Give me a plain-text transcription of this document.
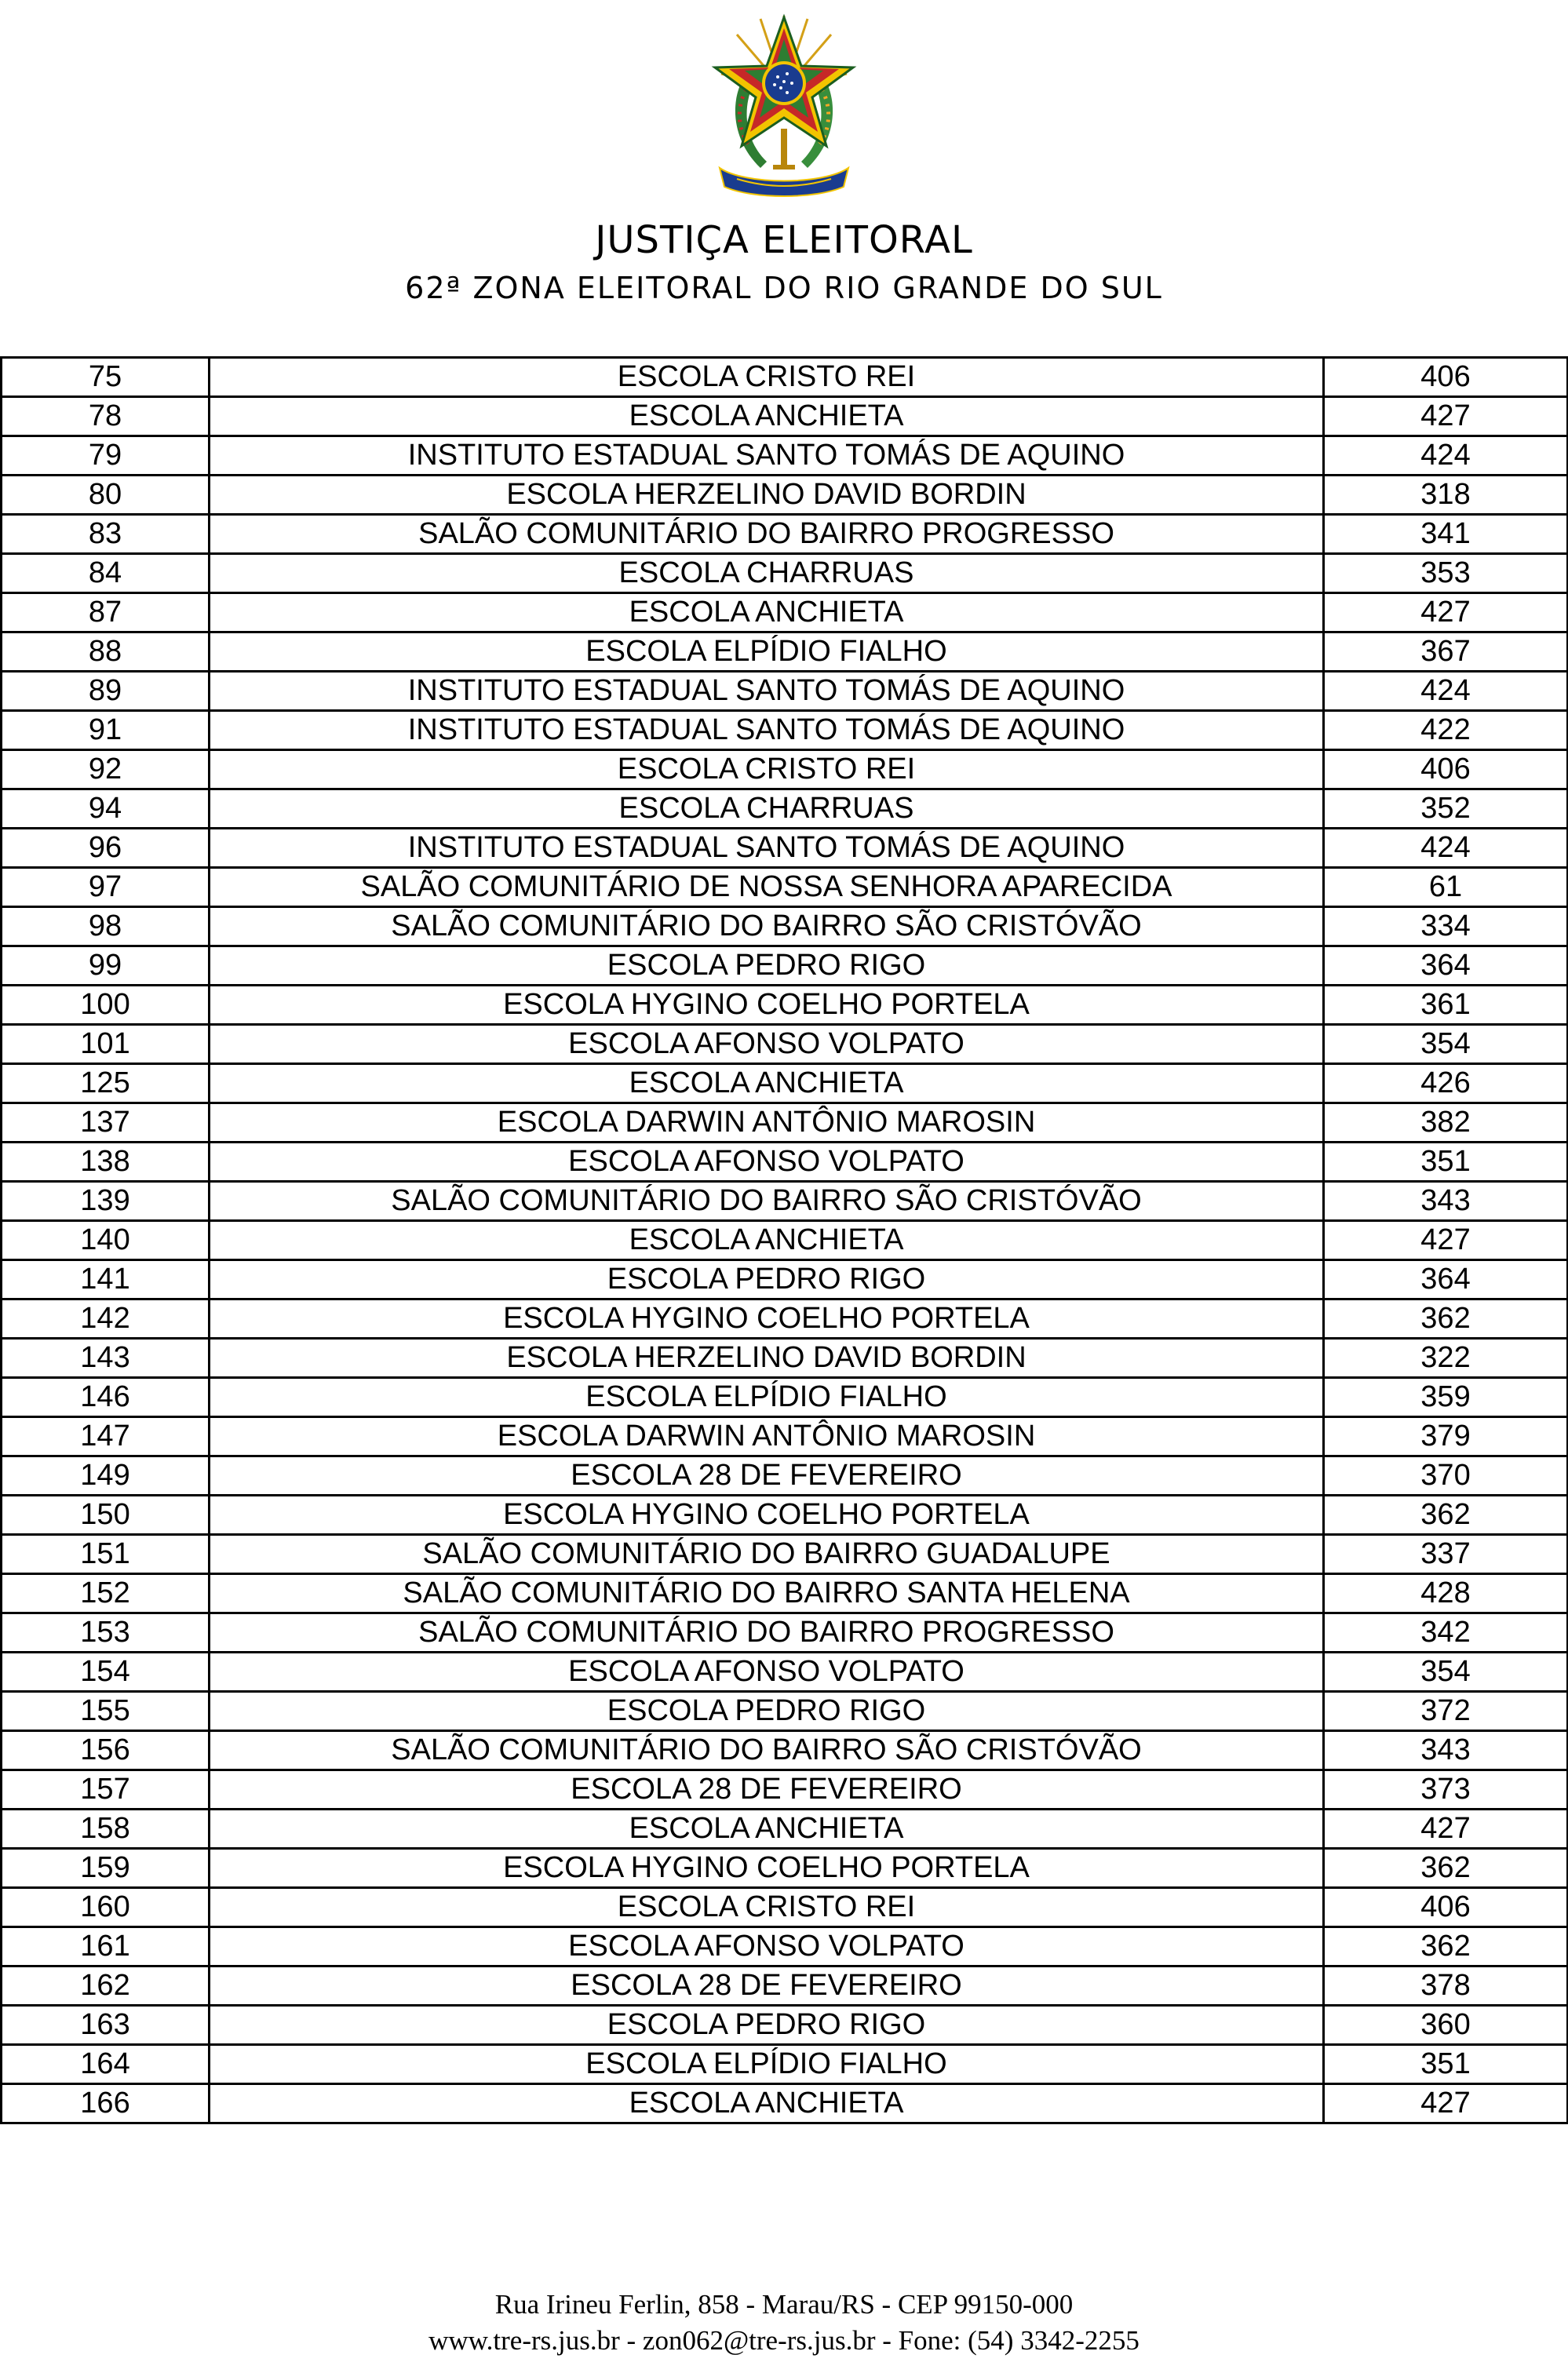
JUSTIÇA ELEITORAL
62ª ZONA ELEITORAL DO RIO GRANDE DO SUL
75	ESCOLA CRISTO REI	406
78	ESCOLA ANCHIETA	427
79	INSTITUTO ESTADUAL SANTO TOMÁS DE AQUINO	424
80	ESCOLA HERZELINO DAVID BORDIN	318
83	SALÃO COMUNITÁRIO DO BAIRRO PROGRESSO	341
84	ESCOLA CHARRUAS	353
87	ESCOLA ANCHIETA	427
88	ESCOLA ELPÍDIO FIALHO	367
89	INSTITUTO ESTADUAL SANTO TOMÁS DE AQUINO	424
91	INSTITUTO ESTADUAL SANTO TOMÁS DE AQUINO	422
92	ESCOLA CRISTO REI	406
94	ESCOLA CHARRUAS	352
96	INSTITUTO ESTADUAL SANTO TOMÁS DE AQUINO	424
97	SALÃO COMUNITÁRIO DE NOSSA SENHORA APARECIDA	61
98	SALÃO COMUNITÁRIO DO BAIRRO SÃO CRISTÓVÃO	334
99	ESCOLA PEDRO RIGO	364
100	ESCOLA HYGINO COELHO PORTELA	361
101	ESCOLA AFONSO VOLPATO	354
125	ESCOLA ANCHIETA	426
137	ESCOLA DARWIN ANTÔNIO MAROSIN	382
138	ESCOLA AFONSO VOLPATO	351
139	SALÃO COMUNITÁRIO DO BAIRRO SÃO CRISTÓVÃO	343
140	ESCOLA ANCHIETA	427
141	ESCOLA PEDRO RIGO	364
142	ESCOLA HYGINO COELHO PORTELA	362
143	ESCOLA HERZELINO DAVID BORDIN	322
146	ESCOLA ELPÍDIO FIALHO	359
147	ESCOLA DARWIN ANTÔNIO MAROSIN	379
149	ESCOLA 28 DE FEVEREIRO	370
150	ESCOLA HYGINO COELHO PORTELA	362
151	SALÃO COMUNITÁRIO DO BAIRRO GUADALUPE	337
152	SALÃO COMUNITÁRIO DO BAIRRO SANTA HELENA	428
153	SALÃO COMUNITÁRIO DO BAIRRO PROGRESSO	342
154	ESCOLA AFONSO VOLPATO	354
155	ESCOLA PEDRO RIGO	372
156	SALÃO COMUNITÁRIO DO BAIRRO SÃO CRISTÓVÃO	343
157	ESCOLA 28 DE FEVEREIRO	373
158	ESCOLA ANCHIETA	427
159	ESCOLA HYGINO COELHO PORTELA	362
160	ESCOLA CRISTO REI	406
161	ESCOLA AFONSO VOLPATO	362
162	ESCOLA 28 DE FEVEREIRO	378
163	ESCOLA PEDRO RIGO	360
164	ESCOLA ELPÍDIO FIALHO	351
166	ESCOLA ANCHIETA	427
Rua Irineu Ferlin, 858 - Marau/RS - CEP 99150-000
www.tre-rs.jus.br - zon062@tre-rs.jus.br - Fone: (54) 3342-2255
